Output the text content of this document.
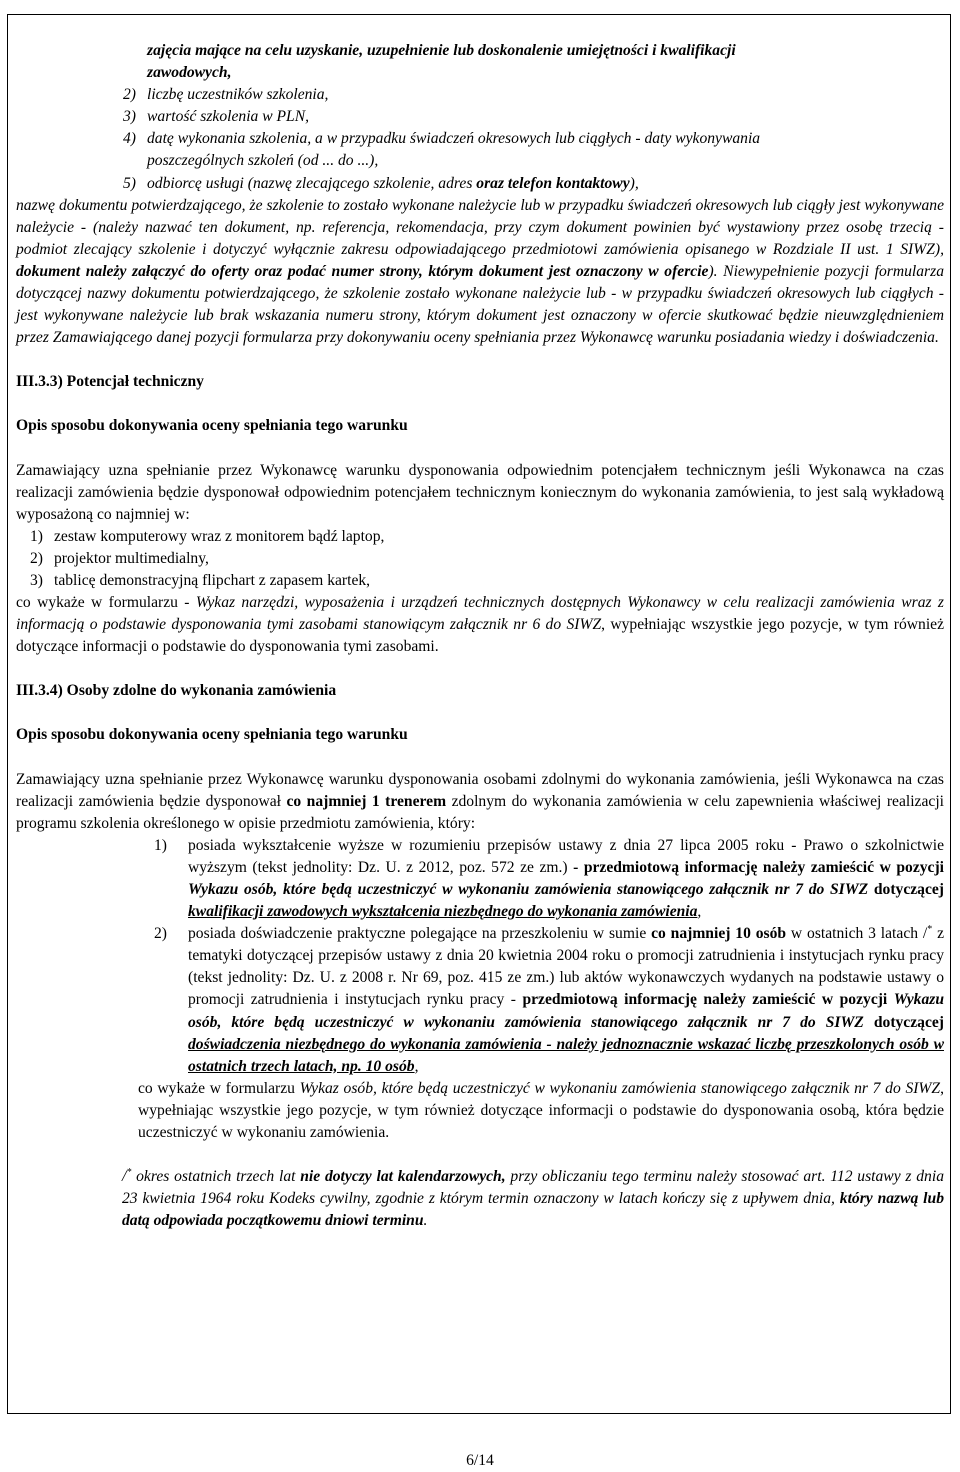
zajęcia mające na celu uzyskanie, uzupełnienie lub doskonalenie umiejętności i kwalifikacji
zawodowych,

2) liczbę uczestników szkolenia,

3) wartość szkolenia w PLN,

4) datę wykonania szkolenia, a w przypadku świadczeń okresowych lub ciągłych - daty wykonywania
poszczególnych szkoleń (od ... do ...),

5) odbiorcę usługi (nazwę zlecającego szkolenie, adres oraz telefon kontaktowy),

nazwę dokumentu potwierdzającego, że szkolenie to zostało wykonane należycie lub w przypadku świadczeń okresowych lub ciągły jest wykonywane należycie - (należy nazwać ten dokument, np. referencja, rekomendacja, przy czym dokument powinien być wystawiony przez osobę trzecią - podmiot zlecający szkolenie i dotyczyć wyłącznie zakresu odpowiadającego przedmiotowi zamówienia opisanego w Rozdziale II ust. 1 SIWZ), dokument należy załączyć do oferty oraz podać numer strony, którym dokument jest oznaczony w ofercie). Niewypełnienie pozycji formularza dotyczącej nazwy dokumentu potwierdzającego, że szkolenie zostało wykonane należycie lub - w przypadku świadczeń okresowych lub ciągłych - jest wykonywane należycie lub brak wskazania numeru strony, którym dokument jest oznaczony w ofercie skutkować będzie nieuwzględnieniem przez Zamawiającego danej pozycji formularza przy dokonywaniu oceny spełniania przez Wykonawcę warunku posiadania wiedzy i doświadczenia.

III.3.3) Potencjał techniczny

Opis sposobu dokonywania oceny spełniania tego warunku

Zamawiający uzna spełnianie przez Wykonawcę warunku dysponowania odpowiednim potencjałem technicznym jeśli Wykonawca na czas realizacji zamówienia będzie dysponował odpowiednim potencjałem technicznym koniecznym do wykonania zamówienia, to jest salą wykładową wyposażoną co najmniej w:

1) zestaw komputerowy wraz z monitorem bądź laptop,

2) projektor multimedialny,

3) tablicę demonstracyjną flipchart z zapasem kartek,

co wykaże w formularzu - Wykaz narzędzi, wyposażenia i urządzeń technicznych dostępnych Wykonawcy w celu realizacji zamówienia wraz z informacją o podstawie dysponowania tymi zasobami stanowiącym załącznik nr 6 do SIWZ, wypełniając wszystkie jego pozycje, w tym również dotyczące informacji o podstawie do dysponowania tymi zasobami.

III.3.4) Osoby zdolne do wykonania zamówienia

Opis sposobu dokonywania oceny spełniania tego warunku

Zamawiający uzna spełnianie przez Wykonawcę warunku dysponowania osobami zdolnymi do wykonania zamówienia, jeśli Wykonawca na czas realizacji zamówienia będzie dysponował co najmniej 1 trenerem zdolnym do wykonania zamówienia w celu zapewnienia właściwej realizacji programu szkolenia określonego w opisie przedmiotu zamówienia, który:

1)	posiada wykształcenie wyższe w rozumieniu przepisów ustawy z dnia 27 lipca 2005 roku - Prawo o szkolnictwie wyższym (tekst jednolity: Dz. U. z 2012, poz. 572 ze zm.) - przedmiotową informację należy zamieścić w pozycji Wykazu osób, które będą uczestniczyć w wykonaniu zamówienia stanowiącego załącznik nr 7 do SIWZ dotyczącej kwalifikacji zawodowych wykształcenia niezbędnego do wykonania zamówienia,

2)	posiada doświadczenie praktyczne polegające na przeszkoleniu w sumie co najmniej 10 osób w ostatnich 3 latach /* z tematyki dotyczącej przepisów ustawy z dnia 20 kwietnia 2004 roku o promocji zatrudnienia i instytucjach rynku pracy (tekst jednolity: Dz. U. z 2008 r. Nr 69, poz. 415 ze zm.) lub aktów wykonawczych wydanych na podstawie ustawy o promocji zatrudnienia i instytucjach rynku pracy - przedmiotową informację należy zamieścić w pozycji Wykazu osób, które będą uczestniczyć w wykonaniu zamówienia stanowiącego załącznik nr 7 do SIWZ dotyczącej doświadczenia niezbędnego do wykonania zamówienia - należy jednoznacznie wskazać liczbę przeszkolonych osób w ostatnich trzech latach, np. 10 osób,

co wykaże w formularzu Wykaz osób, które będą uczestniczyć w wykonaniu zamówienia stanowiącego załącznik nr 7 do SIWZ, wypełniając wszystkie jego pozycje, w tym również dotyczące informacji o podstawie do dysponowania osobą, która będzie uczestniczyć w wykonaniu zamówienia.

/* okres ostatnich trzech lat nie dotyczy lat kalendarzowych, przy obliczaniu tego terminu należy stosować art. 112 ustawy z dnia 23 kwietnia 1964 roku Kodeks cywilny, zgodnie z którym termin oznaczony w latach kończy się z upływem dnia, który nazwą lub datą odpowiada początkowemu dniowi terminu.

6/14
